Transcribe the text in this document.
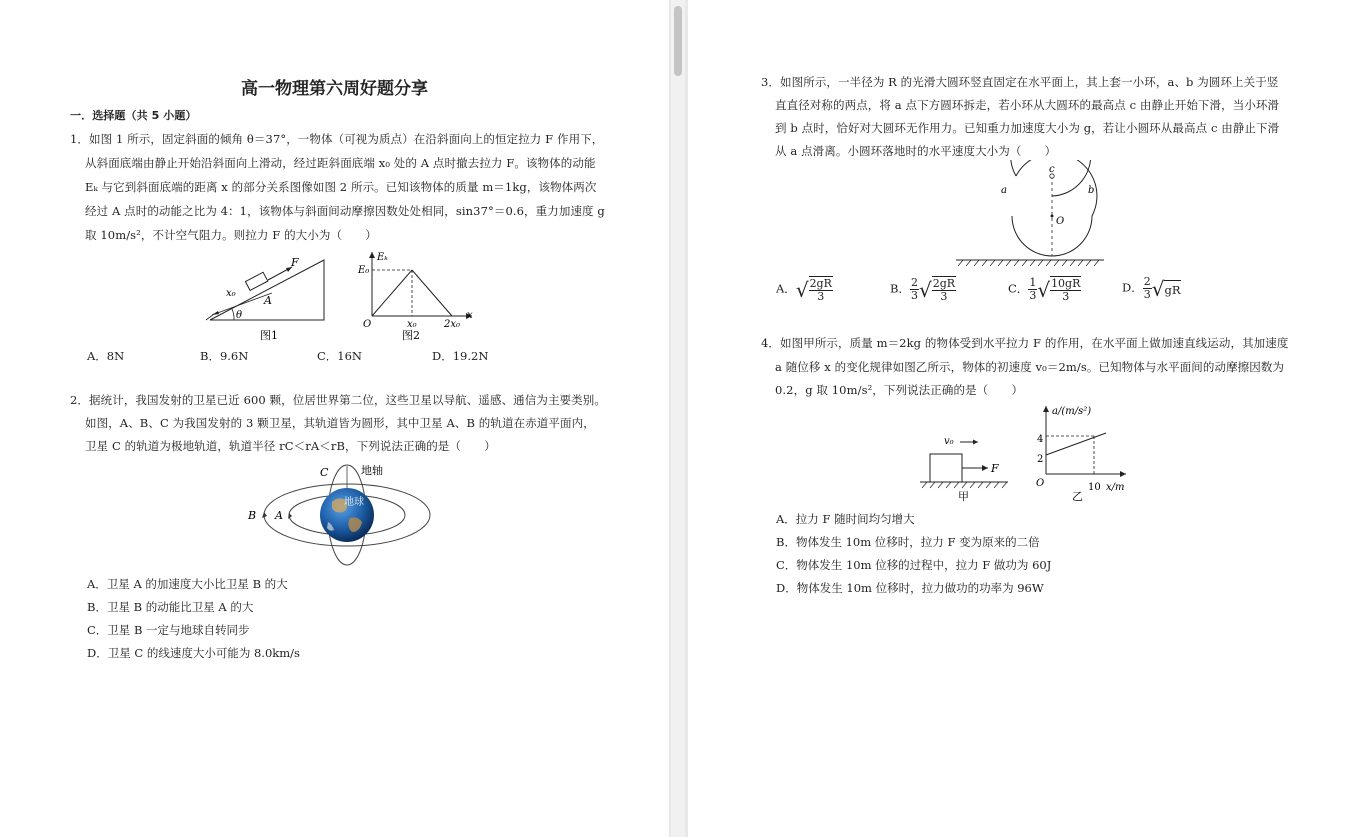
高一物理第六周好题分享
一．选择题（共 5 小题）
1．如图 1 所示，固定斜面的倾角 θ＝37°，一物体（可视为质点）在沿斜面向上的恒定拉力 F 作用下，
从斜面底端由静止开始沿斜面向上滑动，经过距斜面底端 x₀ 处的 A 点时撤去拉力 F。该物体的动能
Eₖ 与它到斜面底端的距离 x 的部分关系图像如图 2 所示。已知该物体的质量 m＝1kg，该物体两次
经过 A 点时的动能之比为 4：1，该物体与斜面间动摩擦因数处处相同，sin37°＝0.6，重力加速度 g
取 10m/s²，不计空气阻力。则拉力 F 的大小为（　　）
F
x₀
A
θ
图1
Eₖ
E₀
O	x₀	2x₀
x
图2
A．8N	B．9.6N	C．16N	D．19.2N
2．据统计，我国发射的卫星已近 600 颗，位居世界第二位，这些卫星以导航、遥感、通信为主要类别。
如图，A、B、C 为我国发射的 3 颗卫星，其轨道皆为圆形，其中卫星 A、B 的轨道在赤道平面内，
卫星 C 的轨道为极地轨道，轨道半径 rC＜rA＜rB，下列说法正确的是（　　）
C	地轴
B A
地球
A．卫星 A 的加速度大小比卫星 B 的大
B．卫星 B 的动能比卫星 A 的大
C．卫星 B 一定与地球自转同步
D．卫星 C 的线速度大小可能为 8.0km/s
3．如图所示，一半径为 R 的光滑大圆环竖直固定在水平面上，其上套一小环，a、b 为圆环上关于竖
直直径对称的两点，将 a 点下方圆环拆走，若小环从大圆环的最高点 c 由静止开始下滑，当小环滑
到 b 点时，恰好对大圆环无作用力。已知重力加速度大小为 g，若让小圆环从最高点 c 由静止下滑
从 a 点滑离。小圆环落地时的水平速度大小为（　　）
c
a	b
O
A．√ $\frac{2gR}{3}$	B． $\frac{2}{3}$ √ $\frac{2gR}{3}$	C． $\frac{1}{3}$ √ $\frac{10gR}{3}$	D． $\frac{2}{3} √gR$
4．如图甲所示，质量 m＝2kg 的物体受到水平拉力 F 的作用，在水平面上做加速直线运动，其加速度
a 随位移 x 的变化规律如图乙所示，物体的初速度 v₀＝2m/s。已知物体与水平面间的动摩擦因数为
0.2，g 取 10m/s²，下列说法正确的是（　　）
v₀
F
甲
a/(m/s²)
4
2
O	10 x/m
乙
A．拉力 F 随时间均匀增大
B．物体发生 10m 位移时，拉力 F 变为原来的二倍
C．物体发生 10m 位移的过程中，拉力 F 做功为 60J
D．物体发生 10m 位移时，拉力做功的功率为 96W
